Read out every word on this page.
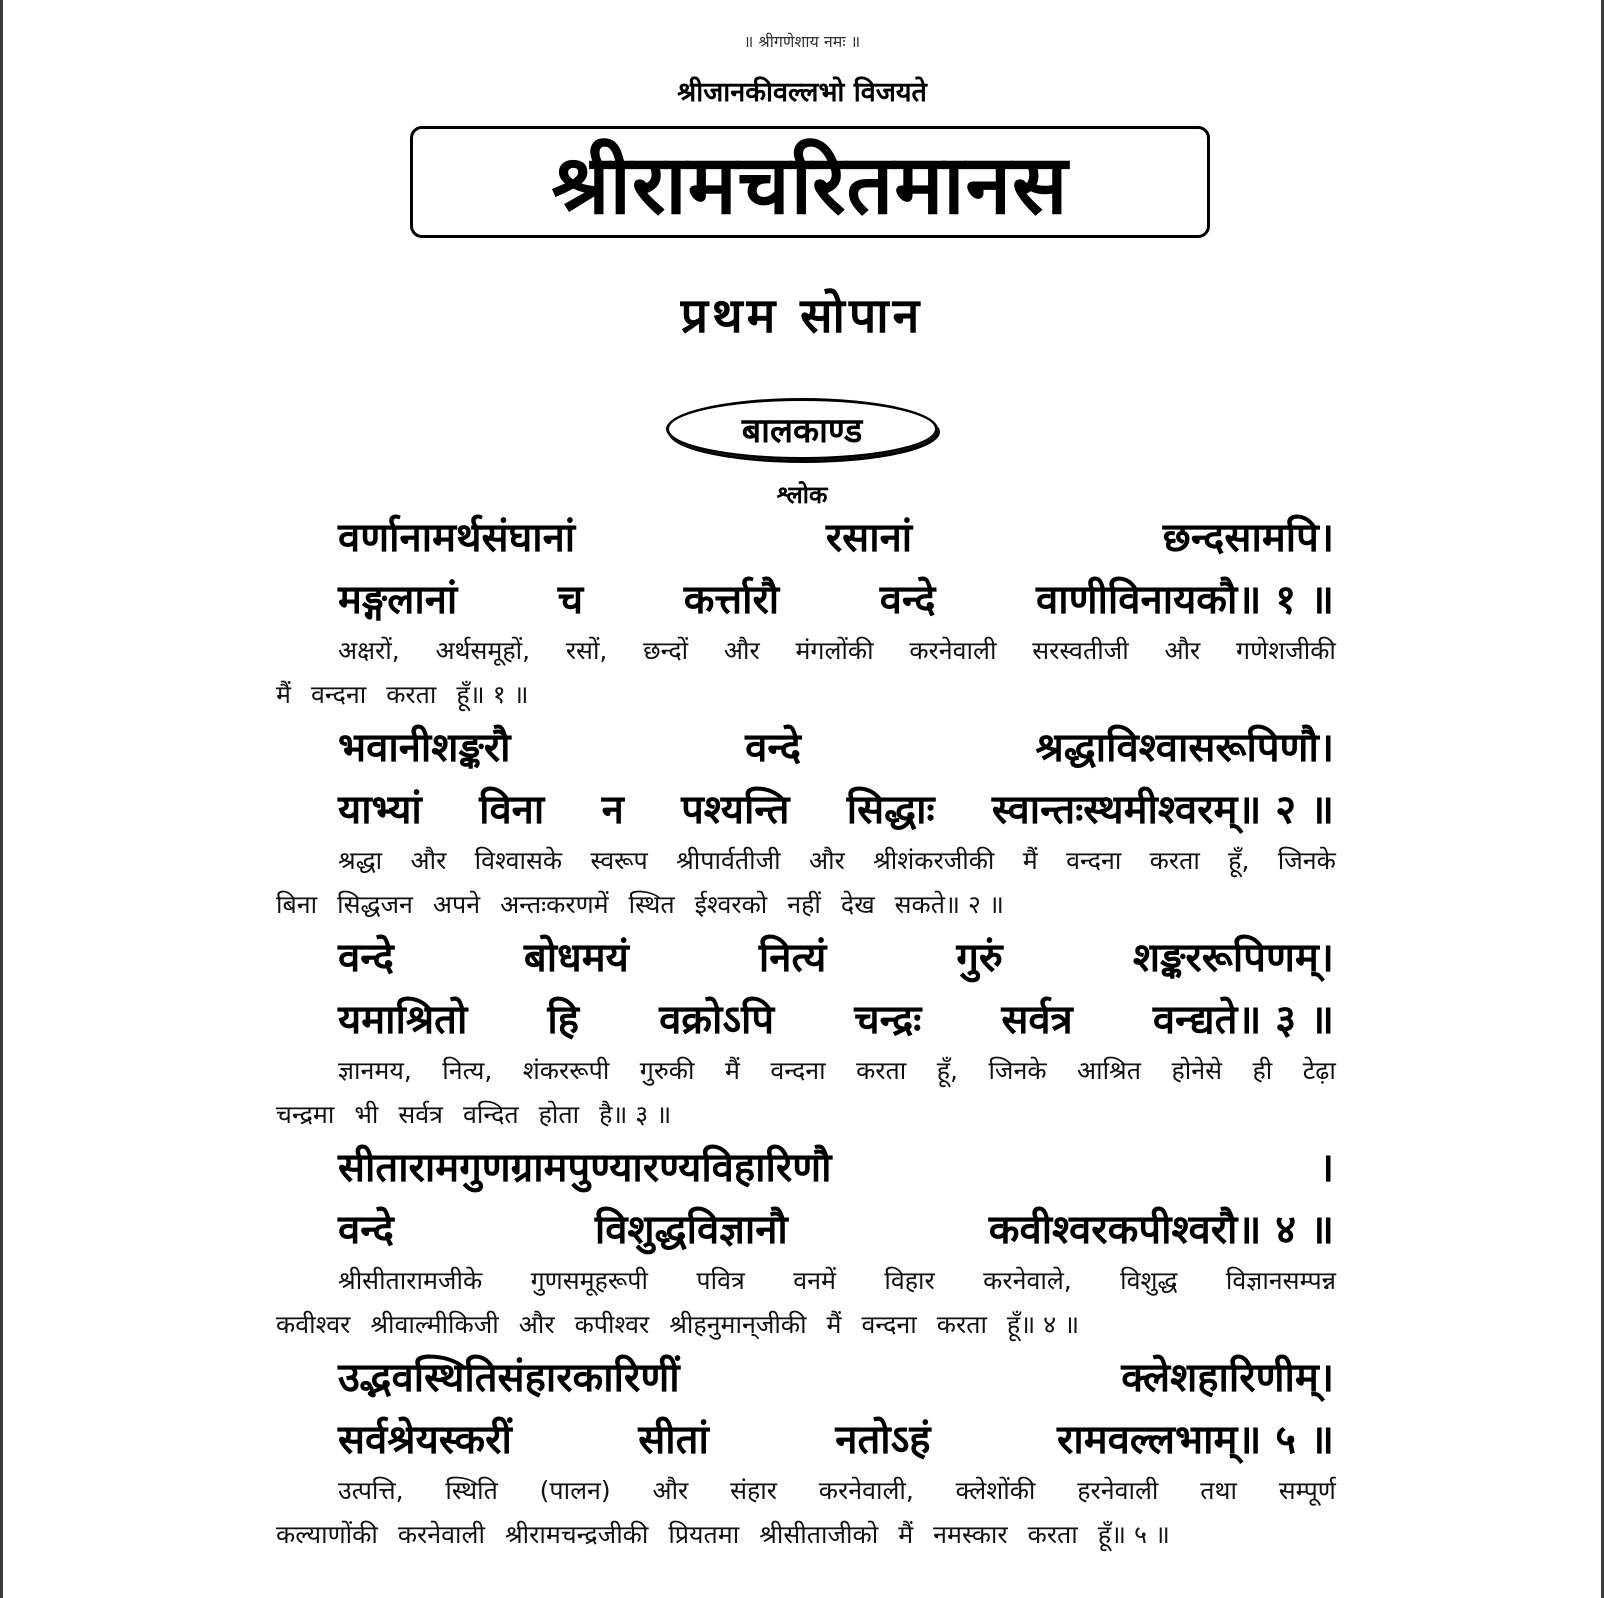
॥ श्रीगणेशाय नमः ॥
श्रीजानकीवल्लभो विजयते
श्रीरामचरितमानस
प्रथम सोपान
बालकाण्ड
श्लोक
वर्णानामर्थसंघानां	रसानां	छन्दसामपि।
मङ्गलानां	च	कर्त्तारौ	वन्दे	वाणीविनायकौ॥ १ ॥
अक्षरों, अर्थसमूहों, रसों, छन्दों और मंगलोंकी करनेवाली सरस्वतीजी और गणेशजीकी
मैं वन्दना करता हूँ॥ १ ॥
भवानीशङ्करौ	वन्दे	श्रद्धाविश्वासरूपिणौ।
याभ्यां विना न पश्यन्ति सिद्धाः स्वान्तःस्थमीश्वरम्॥ २ ॥
श्रद्धा और विश्वासके स्वरूप श्रीपार्वतीजी और श्रीशंकरजीकी मैं वन्दना करता हूँ, जिनके
बिना सिद्धजन अपने अन्तःकरणमें स्थित ईश्वरको नहीं देख सकते॥ २ ॥
वन्दे	बोधमयं	नित्यं	गुरुं	शङ्कररूपिणम्।
यमाश्रितो हि वक्रोऽपि चन्द्रः सर्वत्र वन्द्यते॥ ३ ॥
ज्ञानमय, नित्य, शंकररूपी गुरुकी मैं वन्दना करता हूँ, जिनके आश्रित होनेसे ही टेढ़ा
चन्द्रमा भी सर्वत्र वन्दित होता है॥ ३ ॥
सीतारामगुणग्रामपुण्यारण्यविहारिणौ	।
वन्दे	विशुद्धविज्ञानौ	कवीश्वरकपीश्वरौ॥ ४ ॥
श्रीसीतारामजीके गुणसमूहरूपी पवित्र वनमें विहार करनेवाले, विशुद्ध विज्ञानसम्पन्न
कवीश्वर श्रीवाल्मीकिजी और कपीश्वर श्रीहनुमान्‌जीकी मैं वन्दना करता हूँ॥ ४ ॥
उद्भवस्थितिसंहारकारिणीं	क्लेशहारिणीम्।
सर्वश्रेयस्करीं	सीतां	नतोऽहं	रामवल्लभाम्॥ ५ ॥
उत्पत्ति, स्थिति (पालन) और संहार करनेवाली, क्लेशोंकी हरनेवाली तथा सम्पूर्ण
कल्याणोंकी करनेवाली श्रीरामचन्द्रजीकी प्रियतमा श्रीसीताजीको मैं नमस्कार करता हूँ॥ ५ ॥
